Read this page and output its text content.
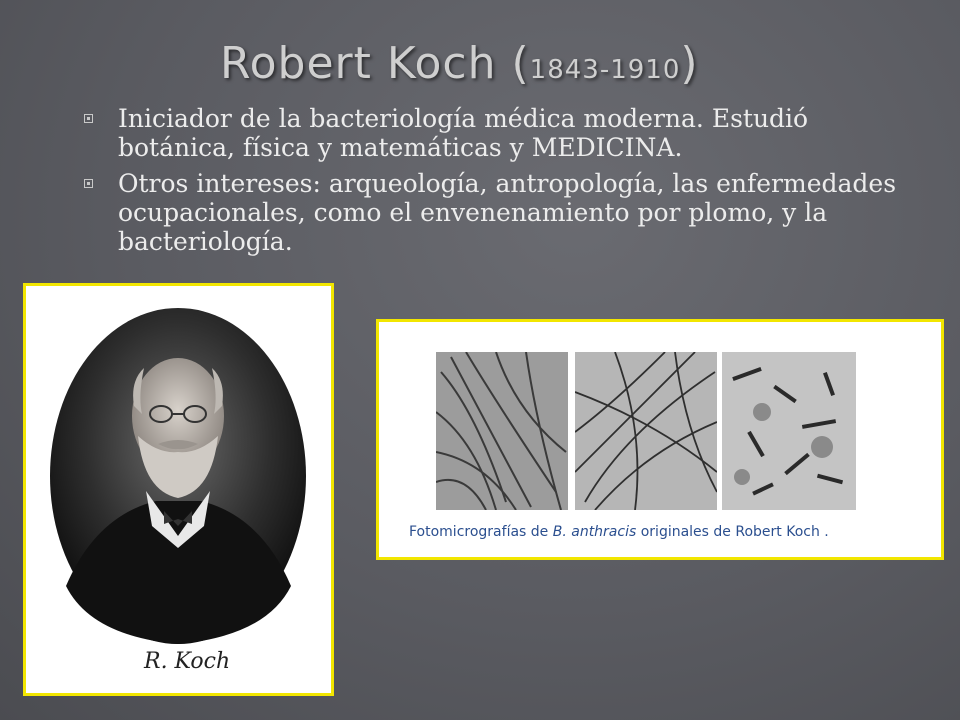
Robert Koch (1843-1910)
Iniciador de la bacteriología médica moderna. Estudió botánica, física y matemáticas y MEDICINA.
Otros intereses: arqueología, antropología, las enfermedades ocupacionales, como el envenenamiento por plomo, y la bacteriología.
R. Koch
Fotomicrografías de B. anthracis originales de Robert Koch .
